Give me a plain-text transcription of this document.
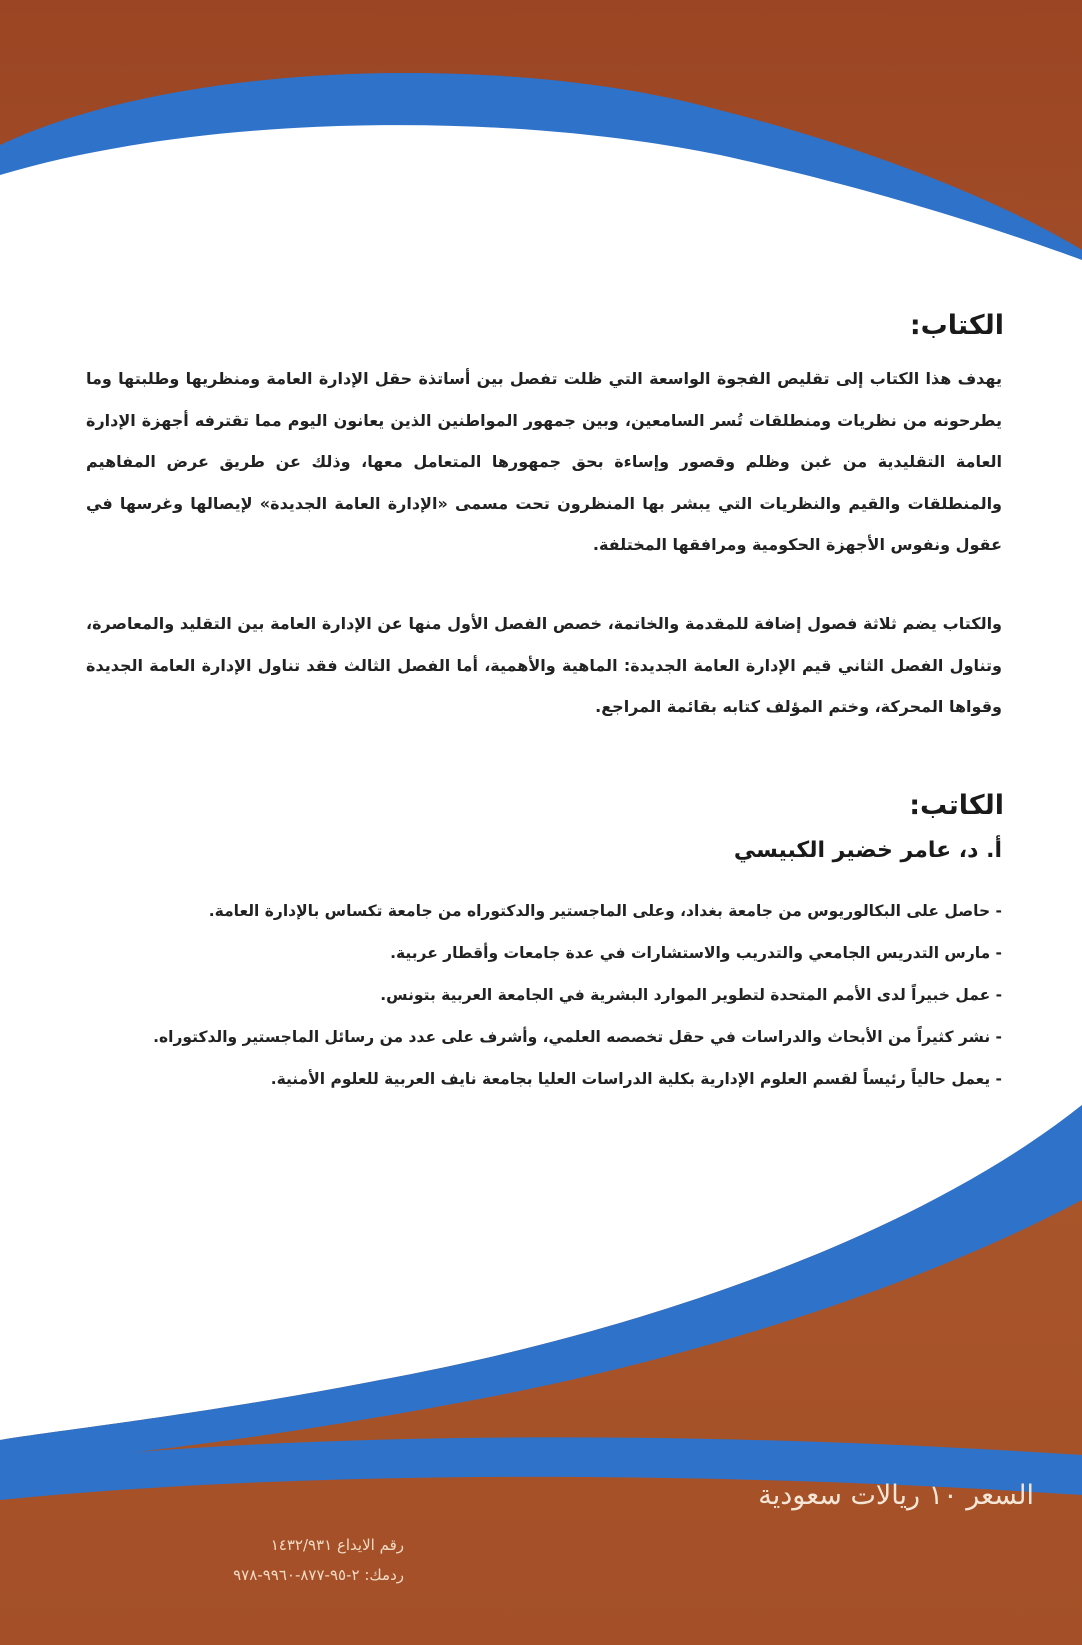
الكتاب:
يهدف هذا الكتاب إلى تقليص الفجوة الواسعة التي ظلت تفصل بين أساتذة حقل الإدارة العامة ومنظريها وطلبتها وما يطرحونه من نظريات ومنطلقات تُسر السامعين، وبين جمهور المواطنين الذين يعانون اليوم مما تقترفه أجهزة الإدارة العامة التقليدية من غبن وظلم وقصور وإساءة بحق جمهورها المتعامل معها، وذلك عن طريق عرض المفاهيم والمنطلقات والقيم والنظريات التي يبشر بها المنظرون تحت مسمى «الإدارة العامة الجديدة» لإيصالها وغرسها في عقول ونفوس الأجهزة الحكومية ومرافقها المختلفة.
والكتاب يضم ثلاثة فصول إضافة للمقدمة والخاتمة، خصص الفصل الأول منها عن الإدارة العامة بين التقليد والمعاصرة، وتناول الفصل الثاني قيم الإدارة العامة الجديدة: الماهية والأهمية، أما الفصل الثالث فقد تناول الإدارة العامة الجديدة وقواها المحركة، وختم المؤلف كتابه بقائمة المراجع.
الكاتب:
أ. د، عامر خضير الكبيسي
- حاصل على البكالوريوس من جامعة بغداد، وعلى الماجستير والدكتوراه من جامعة تكساس بالإدارة العامة.
- مارس التدريس الجامعي والتدريب والاستشارات في عدة جامعات وأقطار عربية.
- عمل خبيراً لدى الأمم المتحدة لتطوير الموارد البشرية في الجامعة العربية بتونس.
- نشر كثيراً من الأبحاث والدراسات في حقل تخصصه العلمي، وأشرف على عدد من رسائل الماجستير والدكتوراه.
- يعمل حالياً رئيساً لقسم العلوم الإدارية بكلية الدراسات العليا بجامعة نايف العربية للعلوم الأمنية.
السعر ١٠ ريالات سعودية
رقم الايداع ١٤٣٢/٩٣١
ردمك: ٢-٩٥-٨٧٧-٩٩٦٠-٩٧٨
